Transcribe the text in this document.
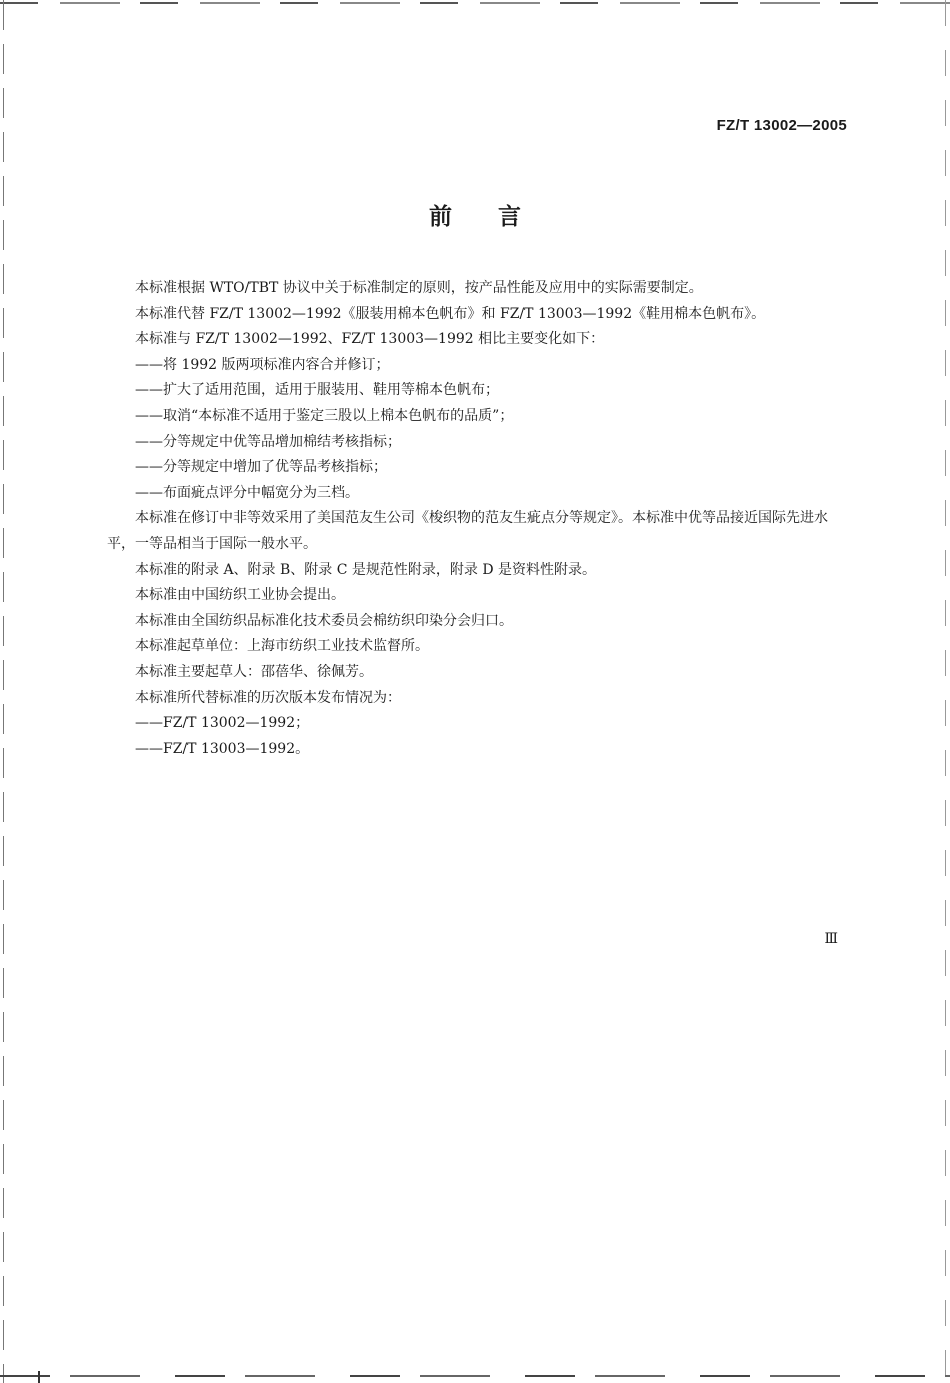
FZ/T 13002—2005
前言

本标准根据 WTO/TBT 协议中关于标准制定的原则，按产品性能及应用中的实际需要制定。

本标准代替 FZ/T 13002—1992《服装用棉本色帆布》和 FZ/T 13003—1992《鞋用棉本色帆布》。

本标准与 FZ/T 13002—1992、FZ/T 13003—1992 相比主要变化如下：

——将 1992 版两项标准内容合并修订；

——扩大了适用范围，适用于服装用、鞋用等棉本色帆布；

——取消“本标准不适用于鉴定三股以上棉本色帆布的品质”；

——分等规定中优等品增加棉结考核指标；

——分等规定中增加了优等品考核指标；

——布面疵点评分中幅宽分为三档。

本标准在修订中非等效采用了美国范友生公司《梭织物的范友生疵点分等规定》。本标准中优等品接近国际先进水平，一等品相当于国际一般水平。

本标准的附录 A、附录 B、附录 C 是规范性附录，附录 D 是资料性附录。

本标准由中国纺织工业协会提出。

本标准由全国纺织品标准化技术委员会棉纺织印染分会归口。

本标准起草单位：上海市纺织工业技术监督所。

本标准主要起草人：邵蓓华、徐佩芳。

本标准所代替标准的历次版本发布情况为：

——FZ/T 13002—1992；

——FZ/T 13003—1992。

Ⅲ
